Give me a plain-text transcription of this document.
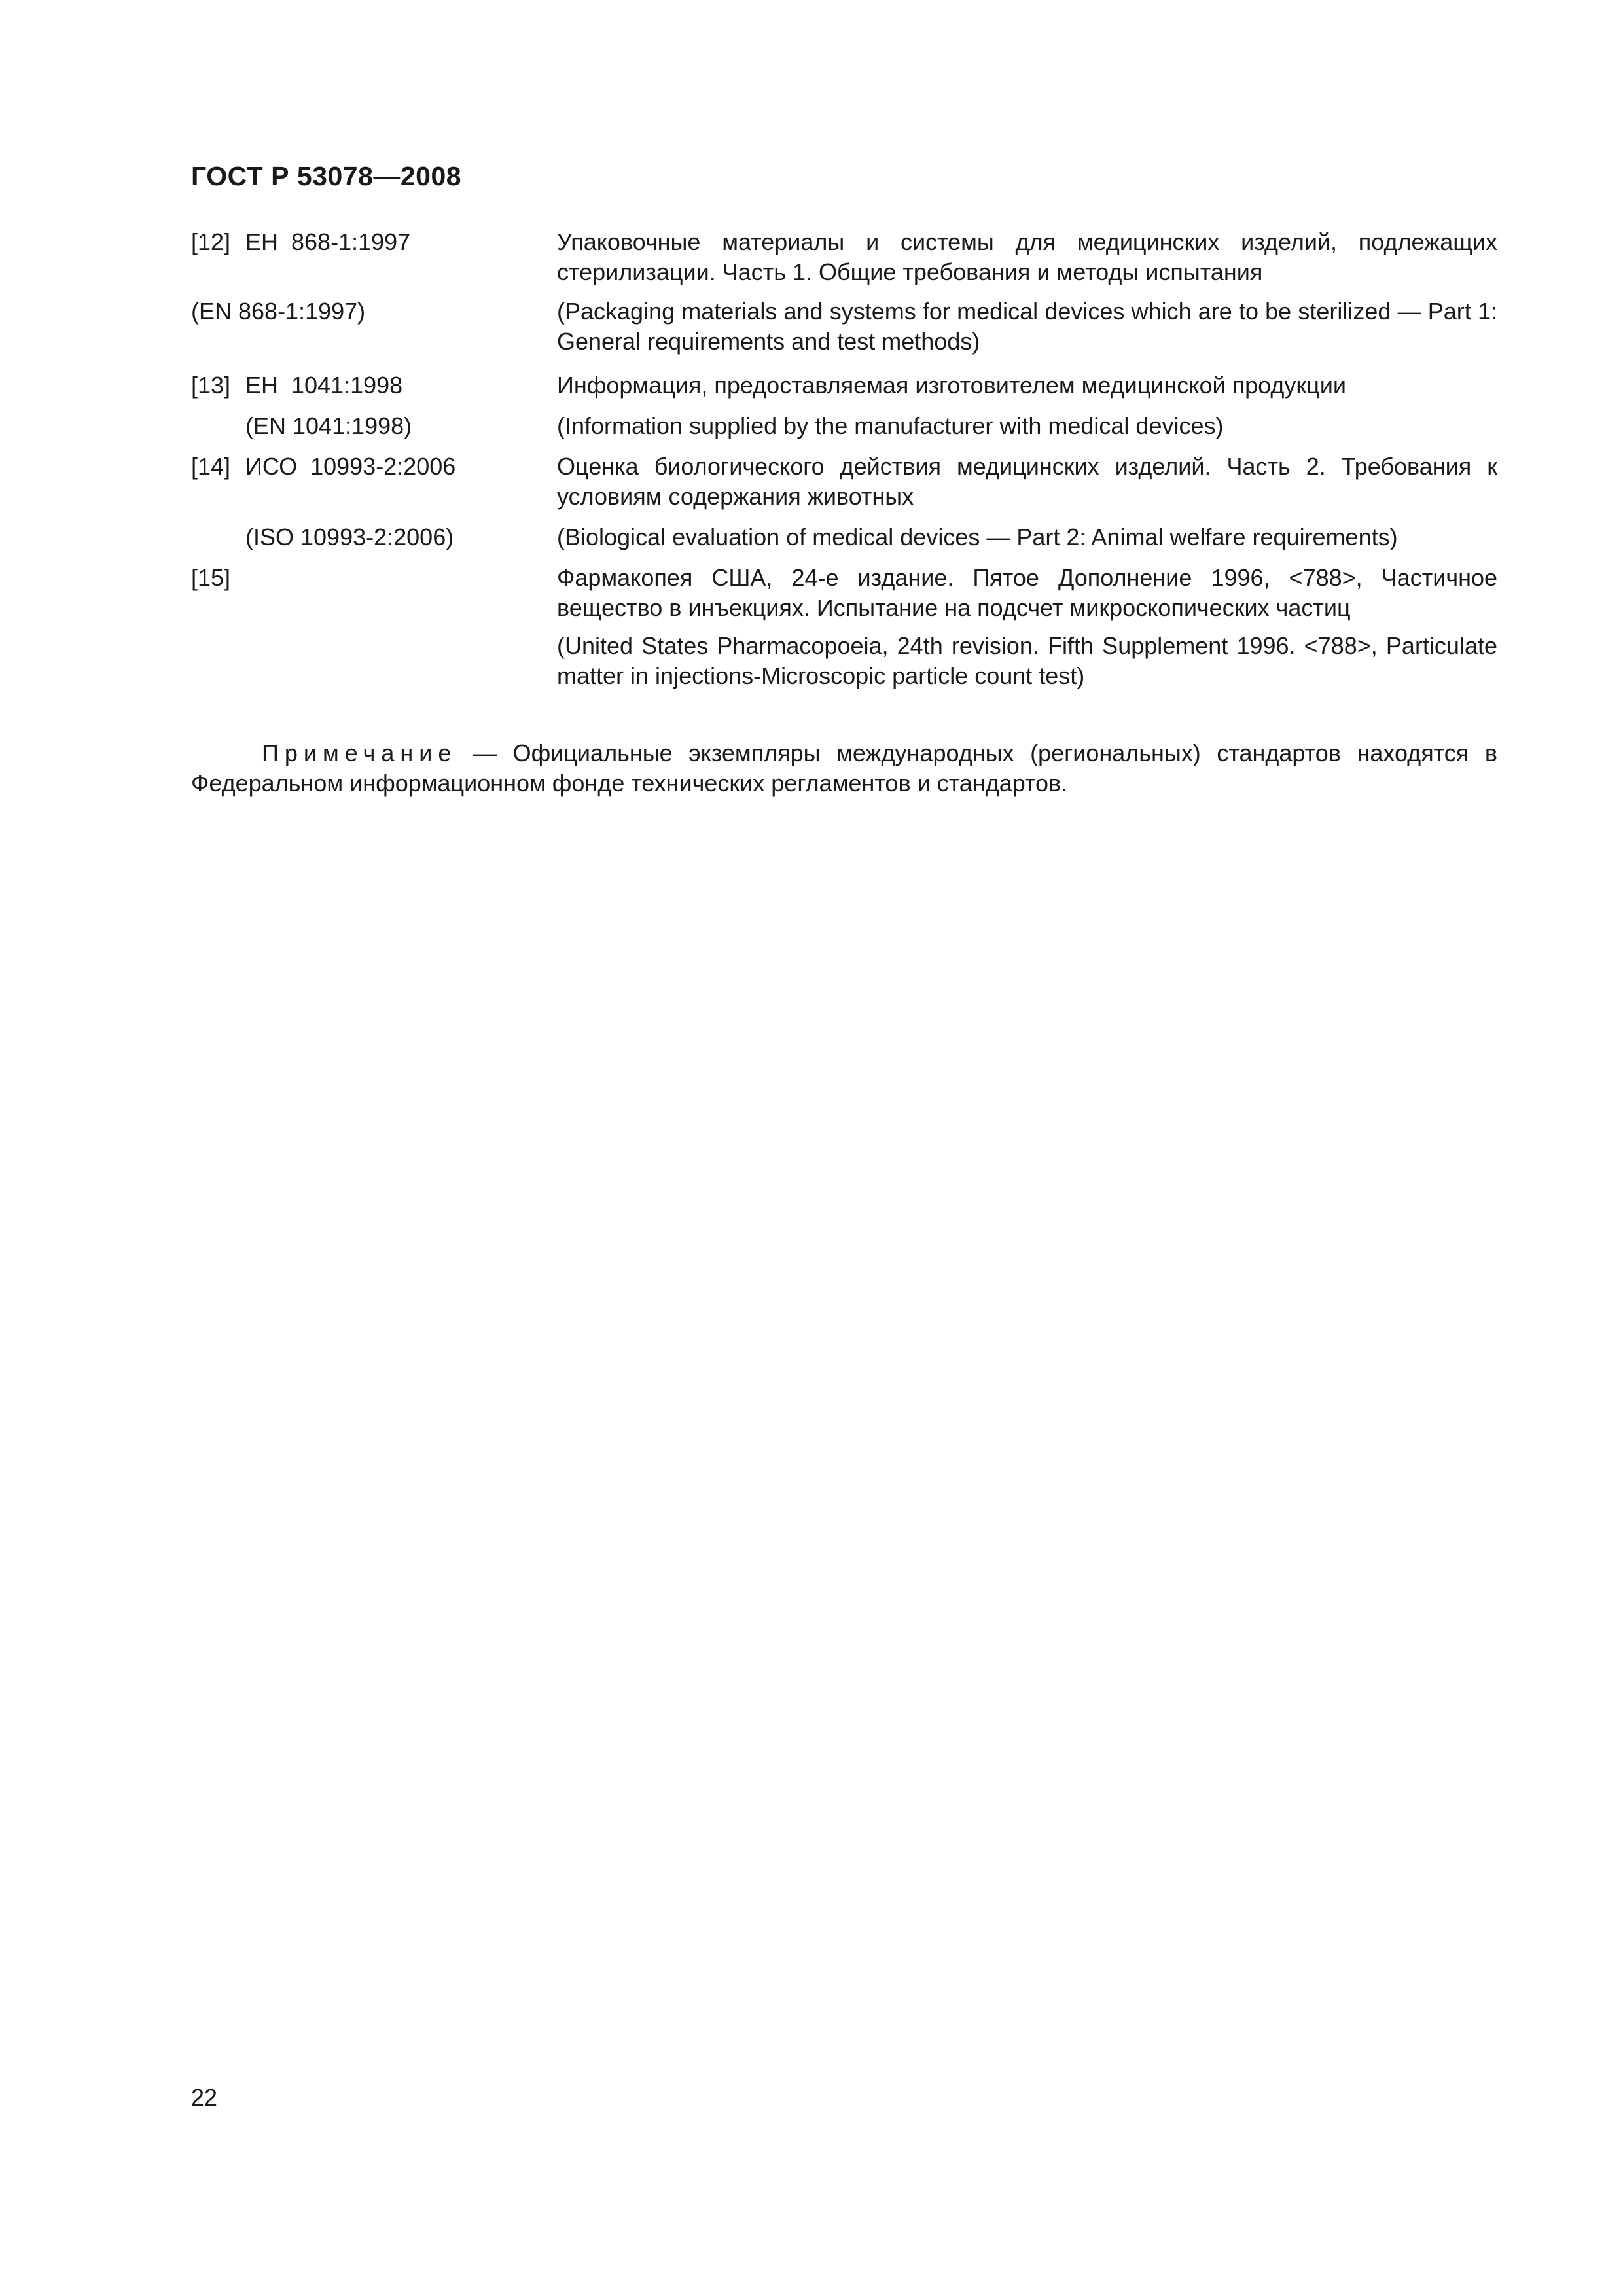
ГОСТ Р 53078—2008
[12] ЕН  868-1:1997	Упаковочные материалы и системы для медицинских изделий, подлежащих стерилизации. Часть 1. Общие требования и методы испытания
(EN 868-1:1997)	(Packaging materials and systems for medical devices which are to be sterilized — Part 1: General requirements and test methods)
[13] ЕН  1041:1998	Информация, предоставляемая изготовителем медицинской продукции
(EN 1041:1998)	(Information supplied by the manufacturer with medical devices)
[14] ИСО  10993-2:2006	Оценка биологического действия медицинских изделий. Часть 2. Требования к условиям содержания животных
(ISO 10993-2:2006)	(Biological evaluation of medical devices — Part 2: Animal welfare requirements)
[15]	Фармакопея США, 24-е издание. Пятое Дополнение 1996, <788>, Частичное вещество в инъекциях. Испытание на подсчет микроскопических частиц
(United States Pharmacopoeia, 24th revision. Fifth Supplement 1996. <788>, Particulate matter in injections-Microscopic particle count test)
Примечание — Официальные экземпляры международных (региональных) стандартов находятся в Федеральном информационном фонде технических регламентов и стандартов.
22
